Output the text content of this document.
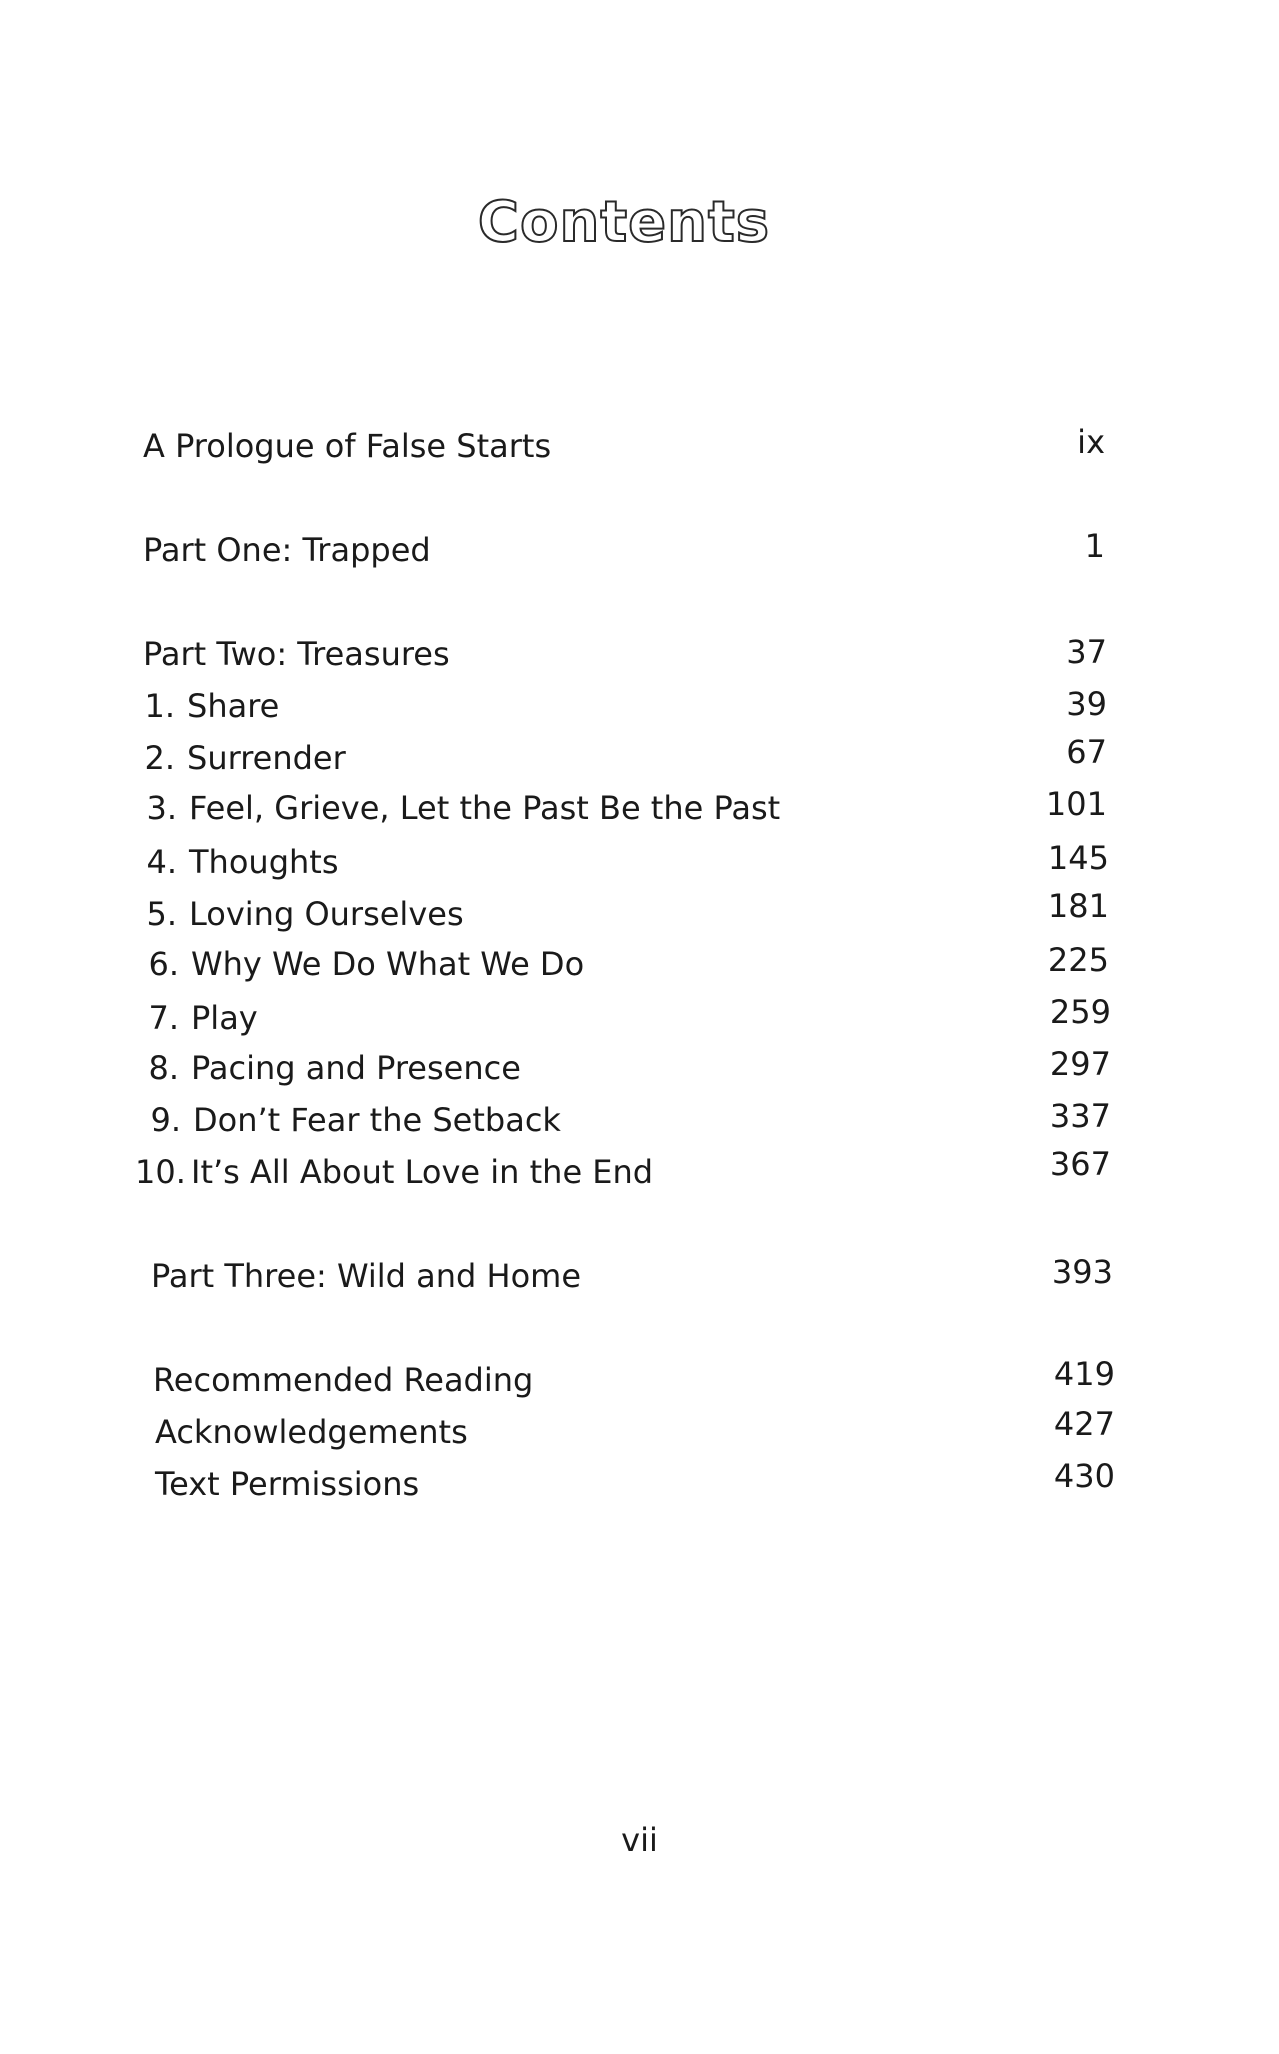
Contents
A Prologue of False Starts	ix
Part One: Trapped	1
Part Two: Treasures	37
1. Share	39
2. Surrender	67
3. Feel, Grieve, Let the Past Be the Past	101
4. Thoughts	145
5. Loving Ourselves	181
6. Why We Do What We Do	225
7. Play	259
8. Pacing and Presence	297
9. Don’t Fear the Setback	337
10. It’s All About Love in the End	367
Part Three: Wild and Home	393
Recommended Reading	419
Acknowledgements	427
Text Permissions	430
vii
